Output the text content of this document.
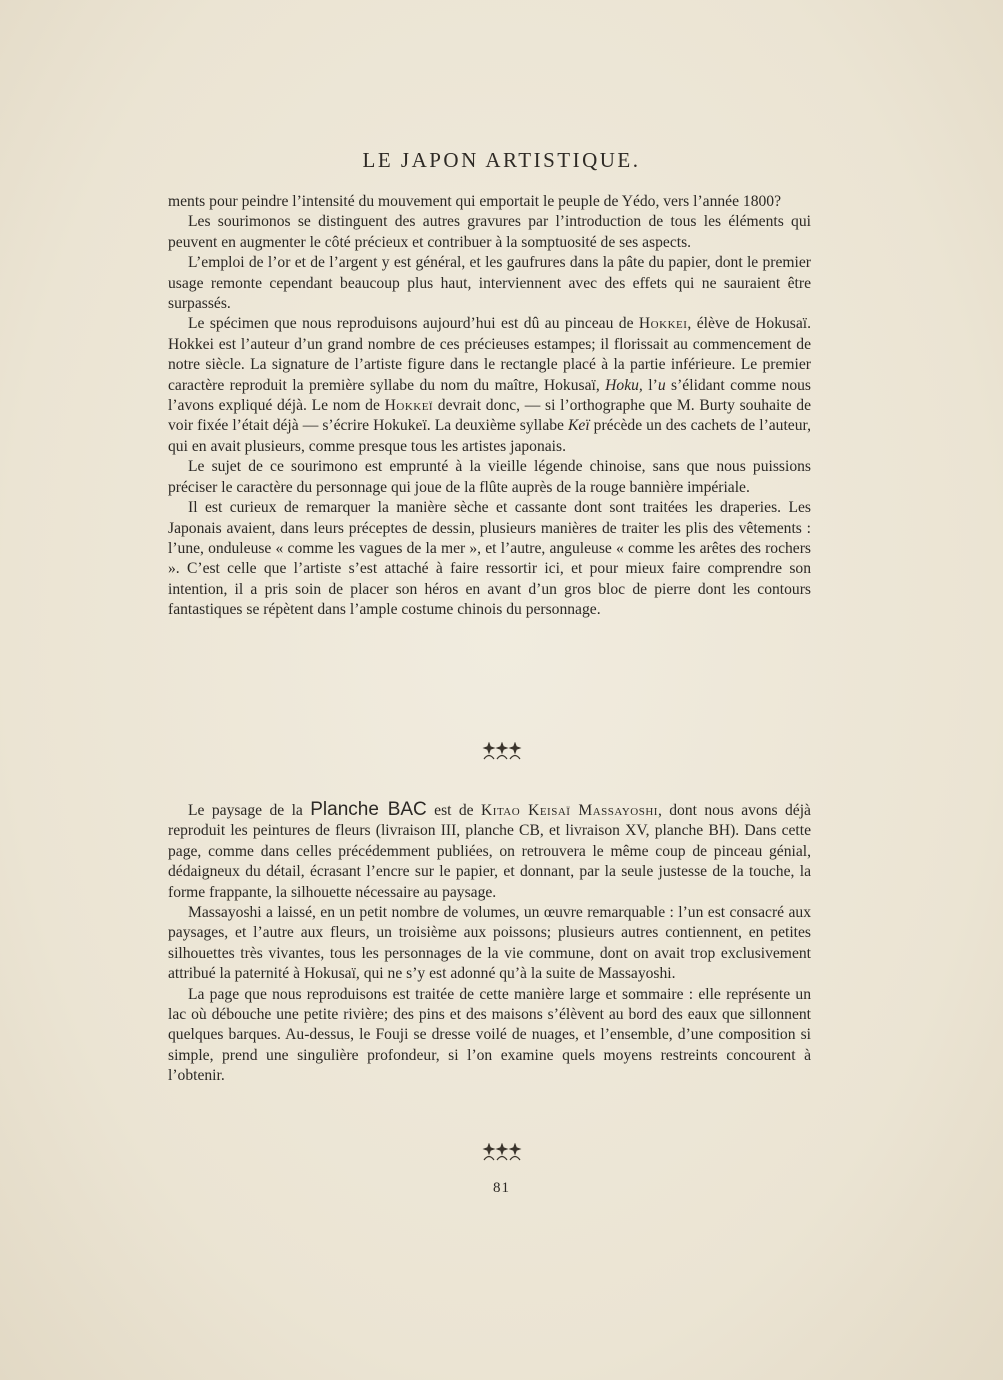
LE JAPON ARTISTIQUE.

ments pour peindre l’intensité du mouvement qui emportait le peuple de Yédo, vers l’année 1800?

Les sourimonos se distinguent des autres gravures par l’introduction de tous les éléments qui peuvent en augmenter le côté précieux et contribuer à la somptuosité de ses aspects.

L’emploi de l’or et de l’argent y est général, et les gaufrures dans la pâte du papier, dont le premier usage remonte cependant beaucoup plus haut, interviennent avec des effets qui ne sauraient être surpassés.

Le spécimen que nous reproduisons aujourd’hui est dû au pinceau de Hokkei, élève de Hokusaï. Hokkei est l’auteur d’un grand nombre de ces précieuses estampes; il florissait au commencement de notre siècle. La signature de l’artiste figure dans le rectangle placé à la partie inférieure. Le premier caractère reproduit la première syllabe du nom du maître, Hokusaï, Hoku, l’u s’élidant comme nous l’avons expliqué déjà. Le nom de Hokkeï devrait donc, — si l’orthographe que M. Burty souhaite de voir fixée l’était déjà — s’écrire Hokukeï. La deuxième syllabe Keï précède un des cachets de l’auteur, qui en avait plusieurs, comme presque tous les artistes japonais.

Le sujet de ce sourimono est emprunté à la vieille légende chinoise, sans que nous puissions préciser le caractère du personnage qui joue de la flûte auprès de la rouge bannière impériale.

Il est curieux de remarquer la manière sèche et cassante dont sont traitées les draperies. Les Japonais avaient, dans leurs préceptes de dessin, plusieurs manières de traiter les plis des vêtements : l’une, onduleuse « comme les vagues de la mer », et l’autre, anguleuse « comme les arêtes des rochers ». C’est celle que l’artiste s’est attaché à faire ressortir ici, et pour mieux faire comprendre son intention, il a pris soin de placer son héros en avant d’un gros bloc de pierre dont les contours fantastiques se répètent dans l’ample costume chinois du personnage.

Le paysage de la Planche BAC est de Kitao Keisaï Massayoshi, dont nous avons déjà reproduit les peintures de fleurs (livraison III, planche CB, et livraison XV, planche BH). Dans cette page, comme dans celles précédemment publiées, on retrouvera le même coup de pinceau génial, dédaigneux du détail, écrasant l’encre sur le papier, et donnant, par la seule justesse de la touche, la forme frappante, la silhouette nécessaire au paysage.

Massayoshi a laissé, en un petit nombre de volumes, un œuvre remarquable : l’un est consacré aux paysages, et l’autre aux fleurs, un troisième aux poissons; plusieurs autres contiennent, en petites silhouettes très vivantes, tous les personnages de la vie commune, dont on avait trop exclusivement attribué la paternité à Hokusaï, qui ne s’y est adonné qu’à la suite de Massayoshi.

La page que nous reproduisons est traitée de cette manière large et sommaire : elle représente un lac où débouche une petite rivière; des pins et des maisons s’élèvent au bord des eaux que sillonnent quelques barques. Au-dessus, le Fouji se dresse voilé de nuages, et l’ensemble, d’une composition si simple, prend une singulière profondeur, si l’on examine quels moyens restreints concourent à l’obtenir.

81
